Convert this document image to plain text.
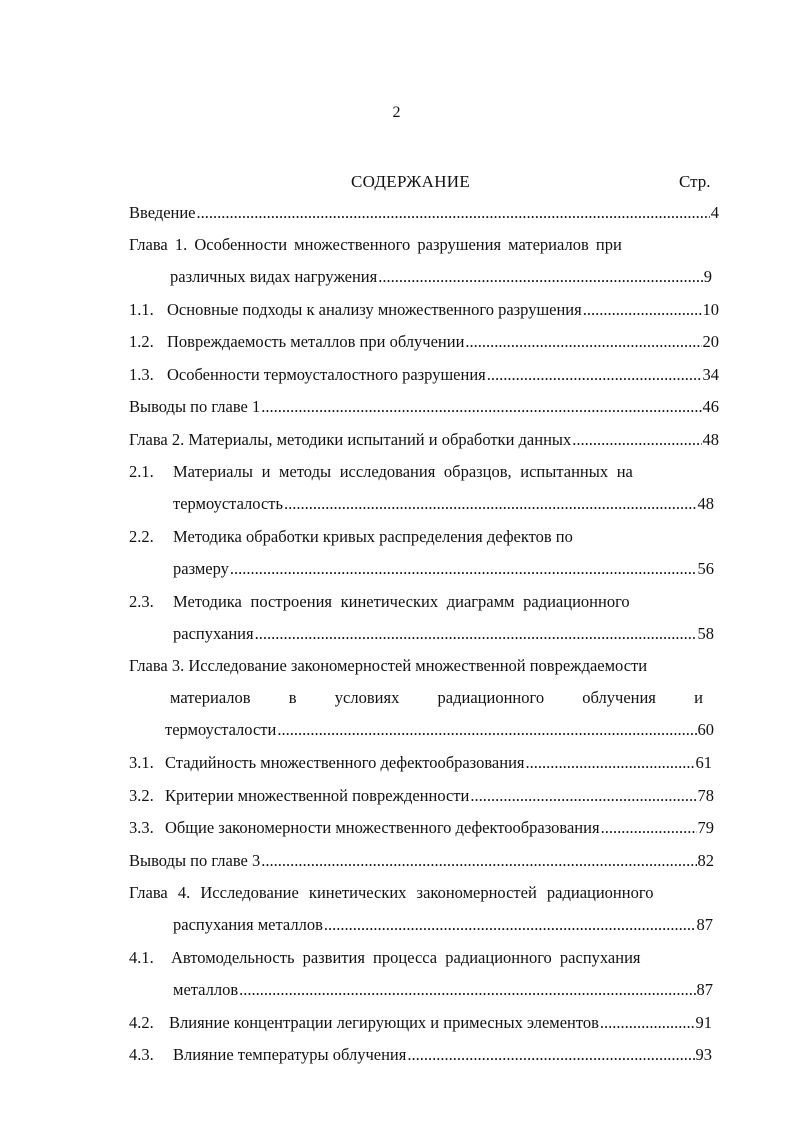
2
СОДЕРЖАНИЕ	Стр.
Введение .....	4
Глава 1. Особенности множественного разрушения материалов при
различных видах нагружения .....	9
1.1. Основные подходы к анализу множественного разрушения .....	10
1.2. Повреждаемость металлов при облучении .....	20
1.3. Особенности термоусталостного разрушения .....	34
Выводы по главе 1 .....	46
Глава 2. Материалы, методики испытаний и обработки данных .....	48
2.1.	Материалы и методы исследования образцов, испытанных на
термоусталость .....	48
2.2.	Методика обработки кривых распределения дефектов по
размеру .....	56
2.3.	Методика построения кинетических диаграмм радиационного
распухания .....	58
Глава 3. Исследование закономерностей множественной повреждаемости
материалов в условиях радиационного облучения и
термоусталости .....	60
3.1. Стадийность множественного дефектообразования .....	61
3.2. Критерии множественной поврежденности .....	78
3.3. Общие закономерности множественного дефектообразования .....	79
Выводы по главе 3 .....	82
Глава 4. Исследование кинетических закономерностей радиационного
распухания металлов .....	87
4.1.	Автомодельность развития процесса радиационного распухания
металлов .....	87
4.2. Влияние концентрации легирующих и примесных элементов .....	91
4.3.	Влияние температуры облучения .....	93
